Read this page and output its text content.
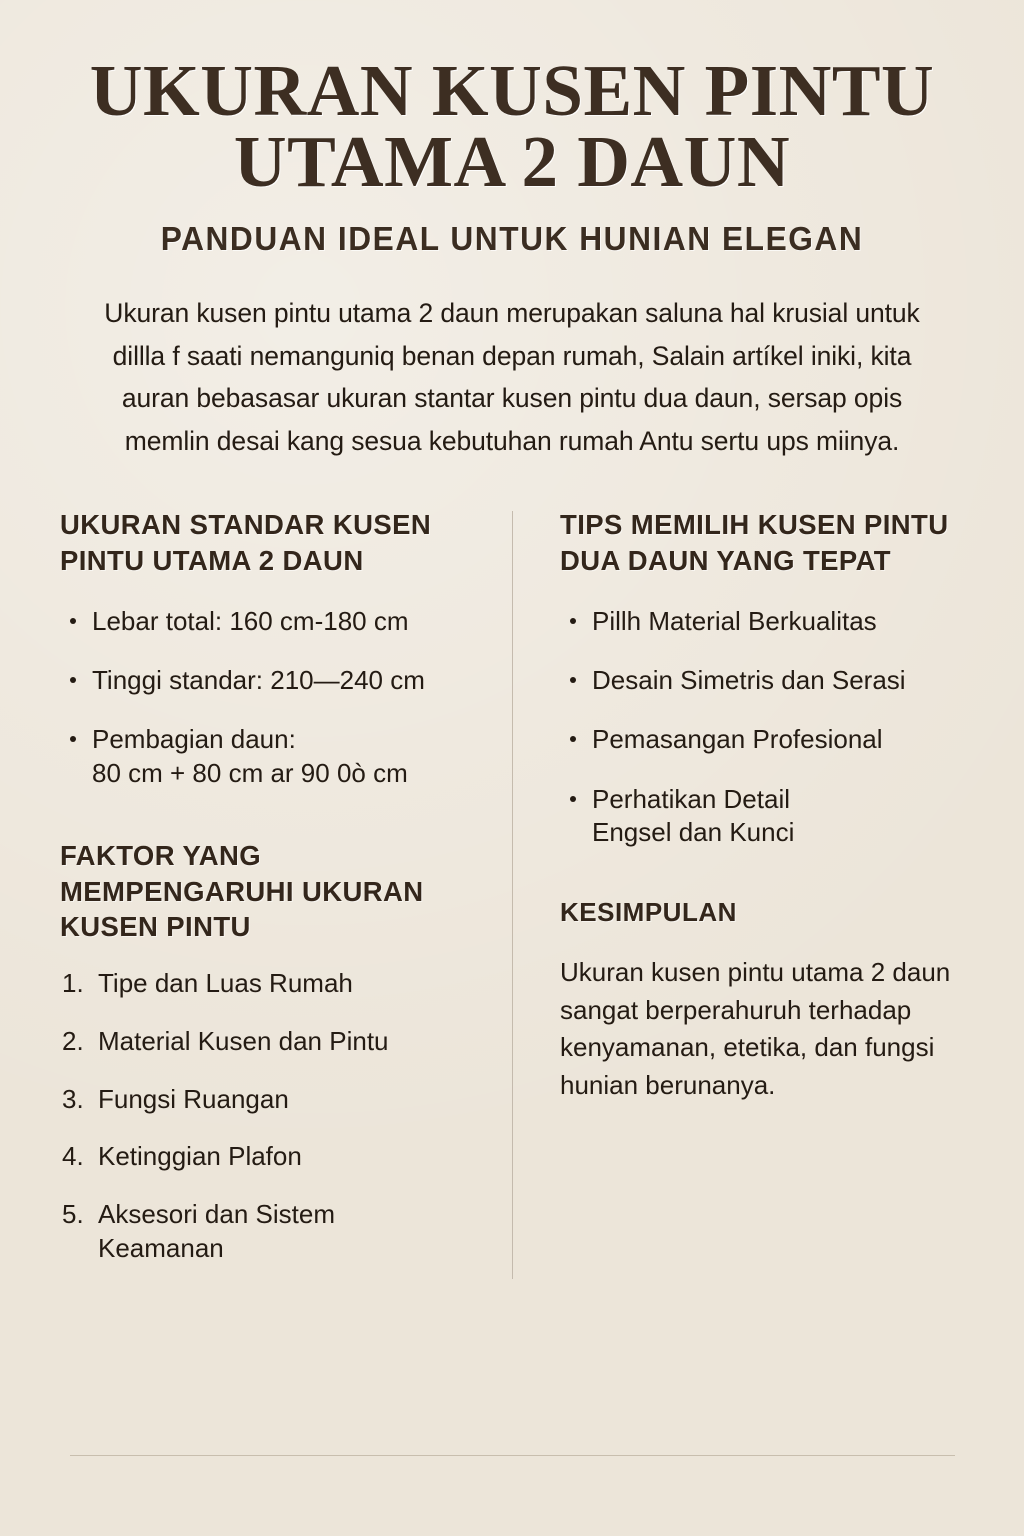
UKURAN KUSEN PINTU
UTAMA 2 DAUN
PANDUAN IDEAL UNTUK HUNIAN ELEGAN

Ukuran kusen pintu utama 2 daun merupakan saluna hal krusial untuk dillla f saati nemanguniq benan depan rumah, Salain artíkel iniki, kita auran bebasasar ukuran stantar kusen pintu dua daun, sersap opis memlin desai kang sesua kebutuhan rumah Antu sertu ups miinya.

UKURAN STANDAR KUSEN PINTU UTAMA 2 DAUN
Lebar total: 160 cm-180 cm
Tinggi standar: 210—240 cm
Pembagian daun:
80 cm + 80 cm ar 90 0ò cm
FAKTOR YANG MEMPENGARUHI UKURAN KUSEN PINTU
Tipe dan Luas Rumah
Material Kusen dan Pintu
Fungsi Ruangan
Ketinggian Plafon
Aksesori dan Sistem
Keamanan
TIPS MEMILIH KUSEN PINTU DUA DAUN YANG TEPAT
Pillh Material Berkualitas
Desain Simetris dan Serasi
Pemasangan Profesional
Perhatikan Detail
Engsel dan Kunci
KESIMPULAN

Ukuran kusen pintu utama 2 daun sangat berperahuruh terhadap kenyamanan, etetika, dan fungsi hunian berunanya.
